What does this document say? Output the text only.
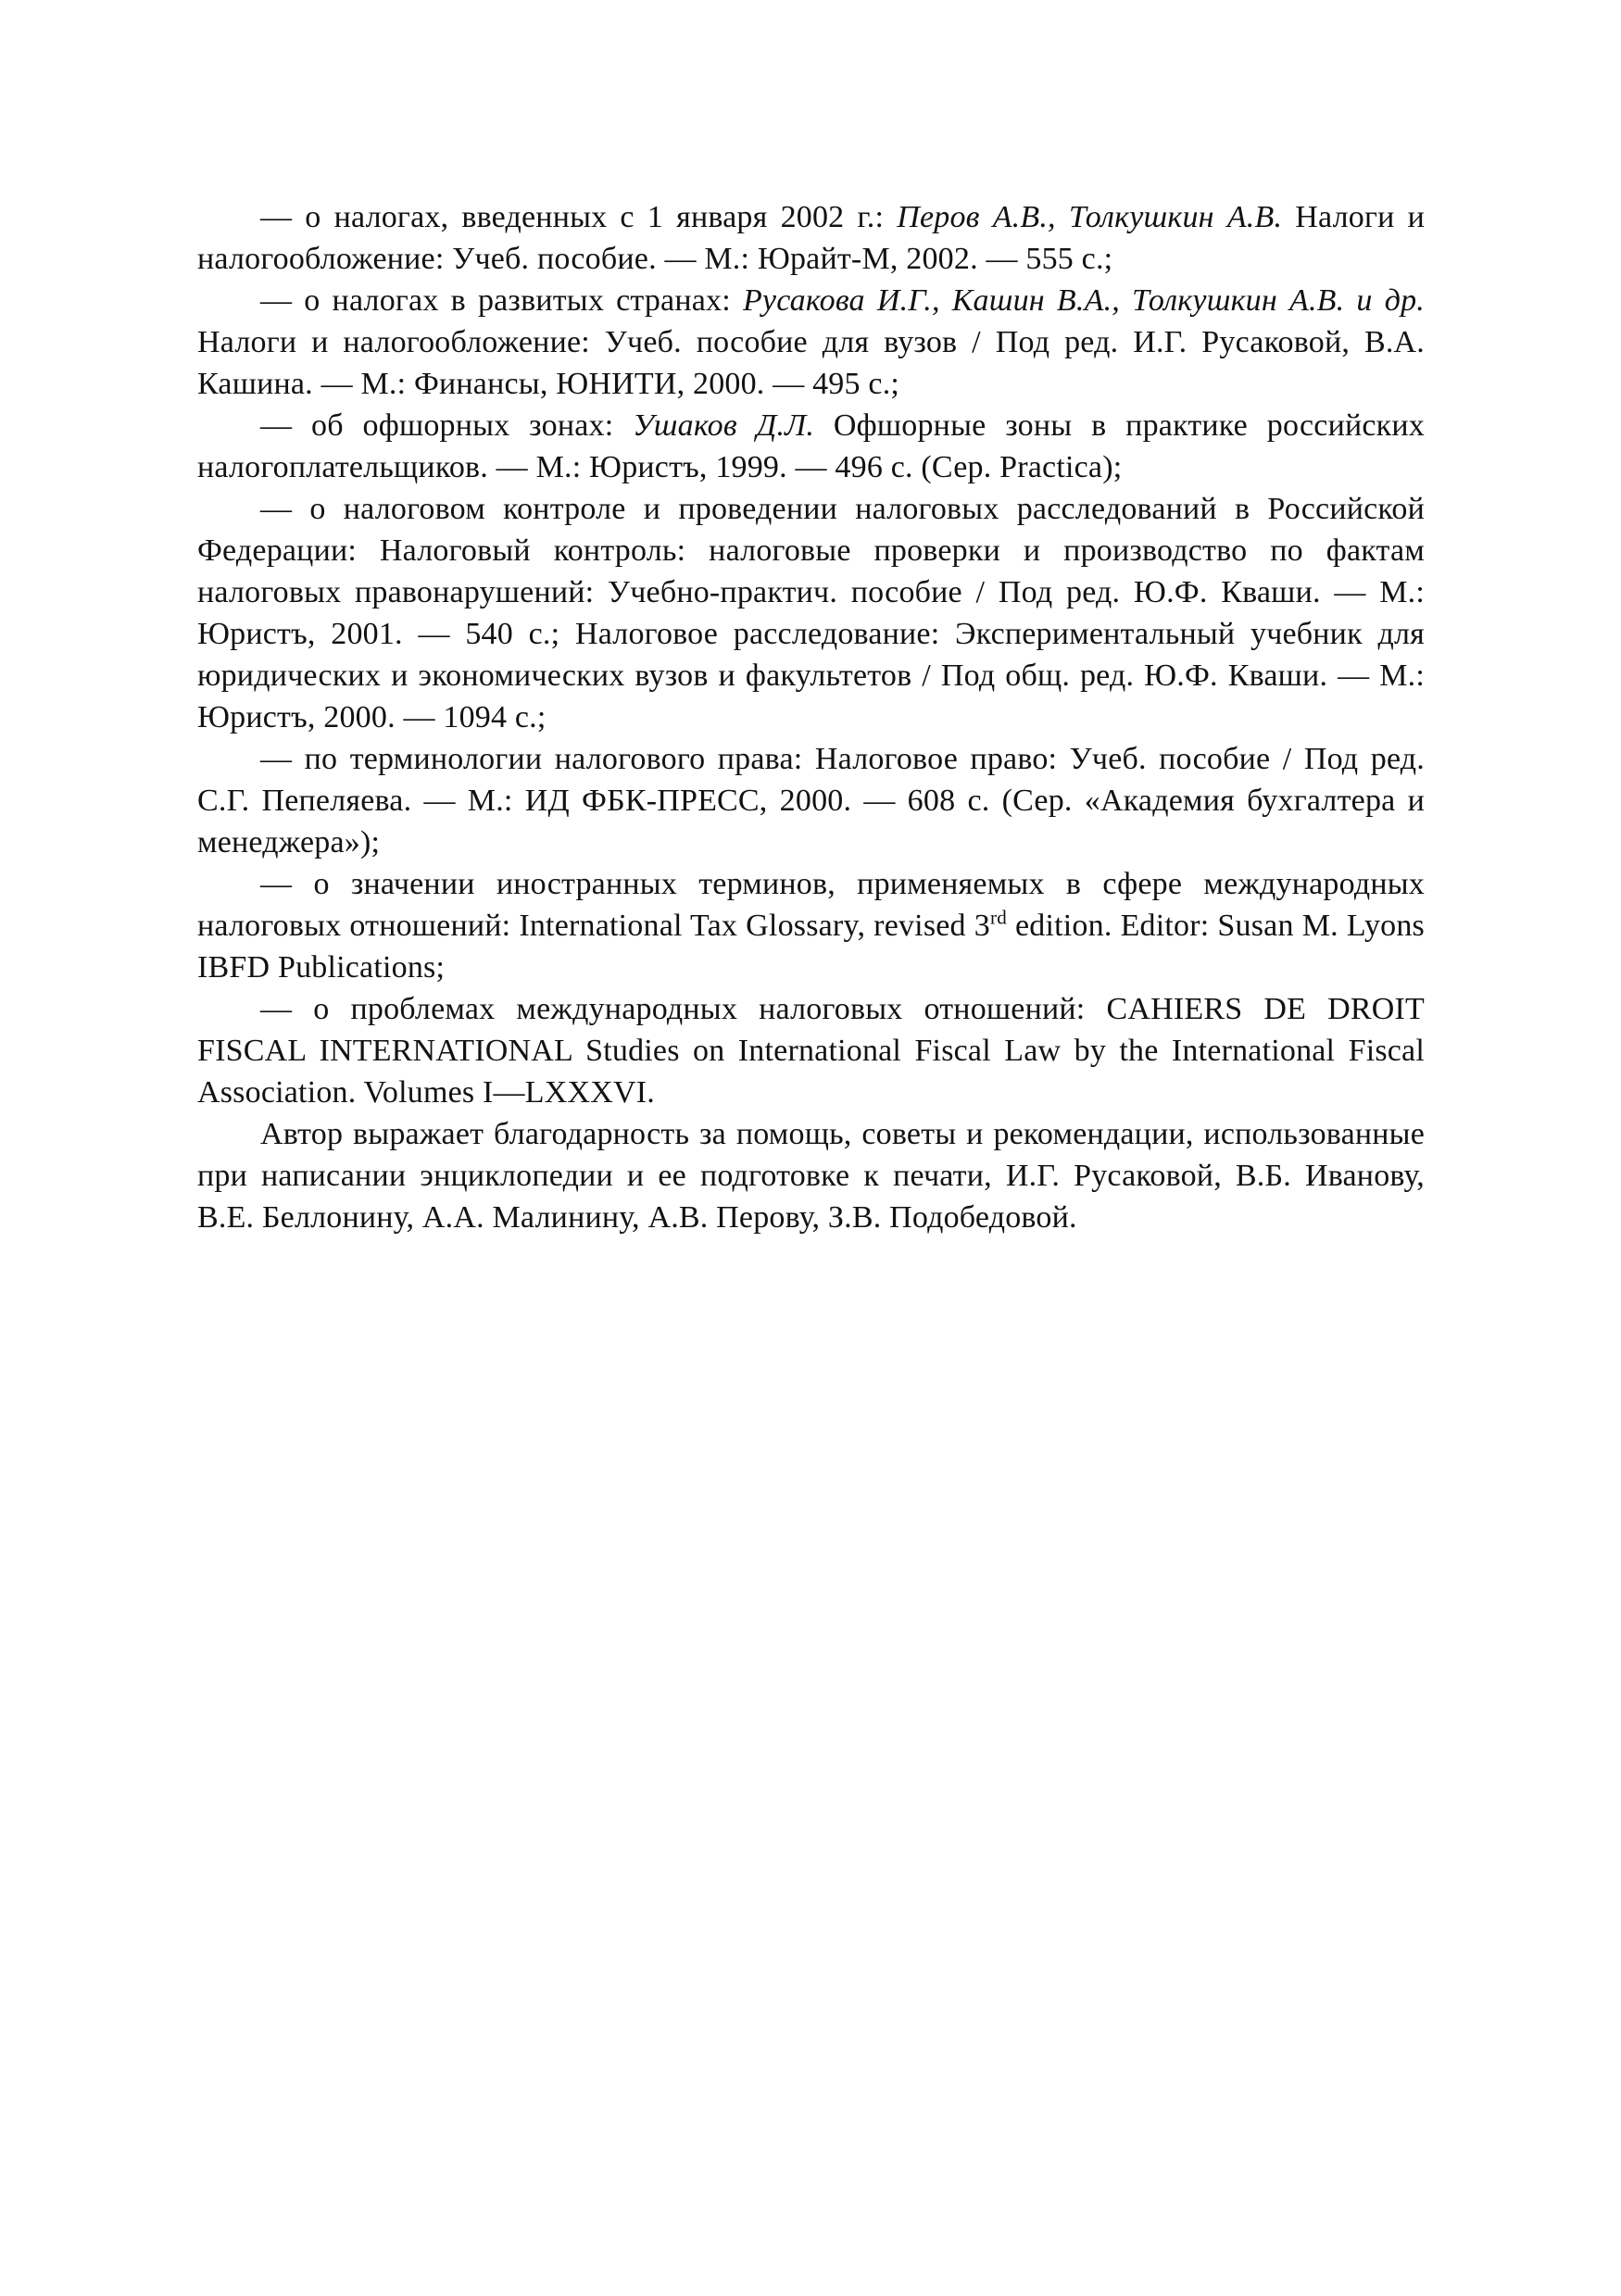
— о налогах, введенных с 1 января 2002 г.: Перов А.В., Толкушкин А.В. Налоги и налогообложение: Учеб. пособие. — М.: Юрайт-М, 2002. — 555 с.;

— о налогах в развитых странах: Русакова И.Г., Кашин В.А., Толкушкин А.В. и др. Налоги и налогообложение: Учеб. пособие для вузов / Под ред. И.Г. Русаковой, В.А. Кашина. — М.: Финансы, ЮНИТИ, 2000. — 495 с.;

— об офшорных зонах: Ушаков Д.Л. Офшорные зоны в практике российских налогоплательщиков. — М.: Юристъ, 1999. — 496 с. (Сер. Practica);

— о налоговом контроле и проведении налоговых расследований в Российской Федерации: Налоговый контроль: налоговые проверки и производство по фактам налоговых правонарушений: Учебно-практич. пособие / Под ред. Ю.Ф. Кваши. — М.: Юристъ, 2001. — 540 с.; Налоговое расследование: Экспериментальный учебник для юридических и экономических вузов и факультетов / Под общ. ред. Ю.Ф. Кваши. — М.: Юристъ, 2000. — 1094 с.;

— по терминологии налогового права: Налоговое право: Учеб. пособие / Под ред. С.Г. Пепеляева. — М.: ИД ФБК-ПРЕСС, 2000. — 608 с. (Сер. «Академия бухгалтера и менеджера»);

— о значении иностранных терминов, применяемых в сфере международных налоговых отношений: International Tax Glossary, revised 3rd edition. Editor: Susan M. Lyons IBFD Publications;

— о проблемах международных налоговых отношений: CAHIERS DE DROIT FISCAL INTERNATIONAL Studies on International Fiscal Law by the International Fiscal Association. Volumes I—LXXXVI.

Автор выражает благодарность за помощь, советы и рекомендации, использованные при написании энциклопедии и ее подготовке к печати, И.Г. Русаковой, В.Б. Иванову, В.Е. Беллонину, А.А. Малинину, А.В. Перову, З.В. Подобедовой.
